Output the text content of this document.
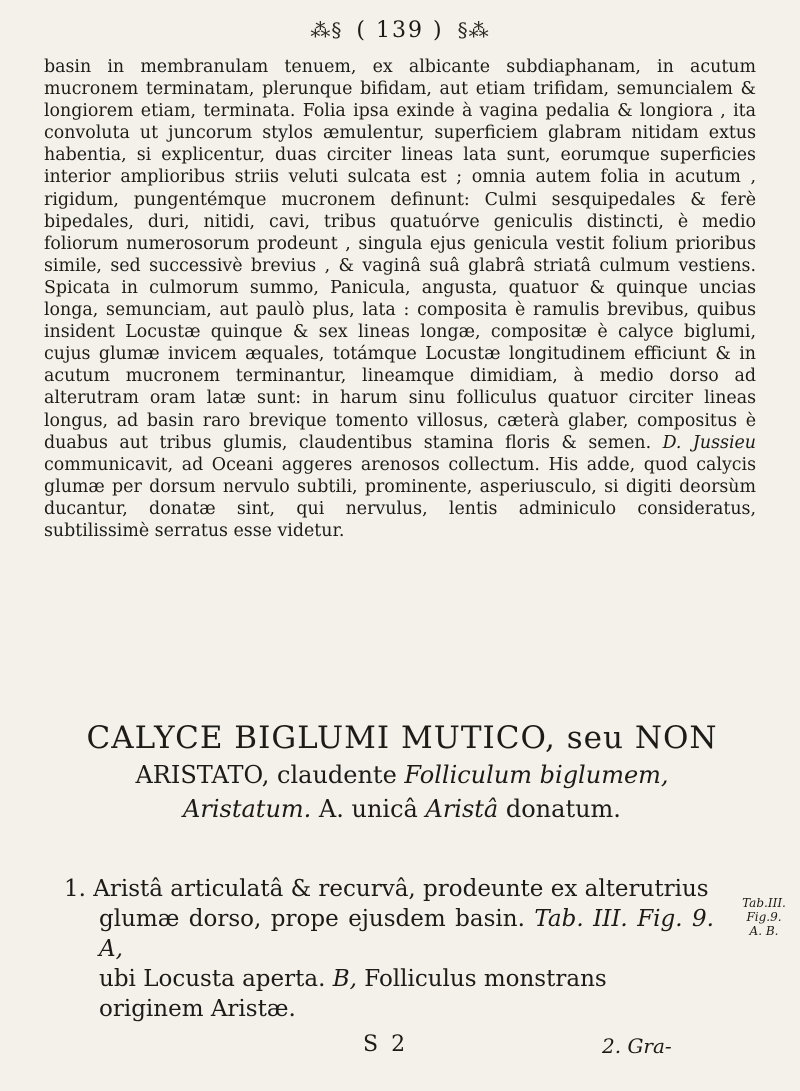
⁂§ ( 139 ) §⁂

basin in membranulam tenuem, ex albicante subdiaphanam, in acutum mucronem terminatam, plerunque bifidam, aut etiam trifidam, semuncialem & longiorem etiam, terminata. Folia ipsa exinde à vagina pedalia & longiora , ita convoluta ut juncorum stylos æmulentur, superficiem glabram nitidam extus habentia, si explicentur, duas circiter lineas lata sunt, eorumque superficies interior amplioribus striis veluti sulcata est ; omnia autem folia in acutum , rigidum, pungentémque mucronem definunt: Culmi sesquipedales & ferè bipedales, duri, nitidi, cavi, tribus quatuórve geniculis distincti, è medio foliorum numerosorum prodeunt , singula ejus genicula vestit folium prioribus simile, sed successivè brevius , & vaginâ suâ glabrâ striatâ culmum vestiens. Spicata in culmorum summo, Panicula, angusta, quatuor & quinque uncias longa, semunciam, aut paulò plus, lata : composita è ramulis brevibus, quibus insident Locustæ quinque & sex lineas longæ, compositæ è calyce biglumi, cujus glumæ invicem æquales, totámque Locustæ longitudinem efficiunt & in acutum mucronem terminantur, lineamque dimidiam, à medio dorso ad alterutram oram latæ sunt: in harum sinu folliculus quatuor circiter lineas longus, ad basin raro brevique tomento villosus, cæterà glaber, compositus è duabus aut tribus glumis, claudentibus stamina floris & semen. D. Jussieu communicavit, ad Oceani aggeres arenosos collectum. His adde, quod calycis glumæ per dorsum nervulo subtili, prominente, asperiusculo, si digiti deorsùm ducantur, donatæ sint, qui nervulus, lentis adminiculo consideratus, subtilissimè serratus esse videtur.

CALYCE BIGLUMI MUTICO, seu NON
ARISTATO, claudente Folliculum biglumem,
Aristatum. A. unicâ Aristâ donatum.
1. Aristâ articulatâ & recurvâ, prodeunte ex alterutrius
glumæ dorso, prope ejusdem basin. Tab. III. Fig. 9. A,
ubi Locusta aperta. B, Folliculus monstrans
originem Aristæ.
Tab.III. Fig.9.
A. B.
S 2	2. Gra-
